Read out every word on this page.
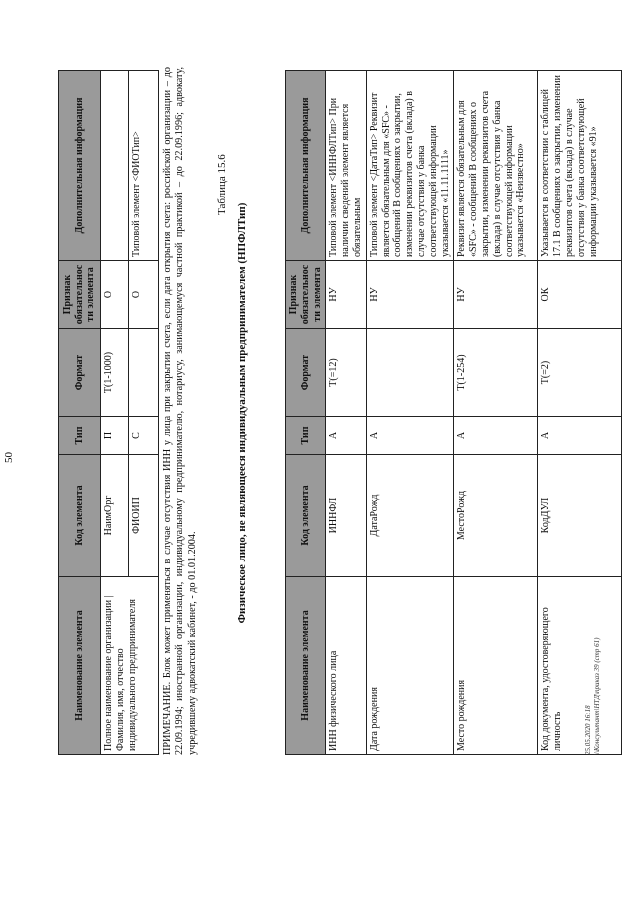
50
Наименование элемента	Код элемента	Тип	Формат	Признак обязательности элемента	Дополнительная информация
Полное наименование организации | Фамилия, имя, отчество индивидуального предпринимателя	НаимОрг	П	T(1-1000)	О	
	ФИОИП	С		О	Типовой элемент <ФИОТип> ПРИМЕЧАНИЕ. Блок может применяться в случае отсутствия ИНН у лица при закрытии счета, если дата открытия счета: российской организации – до 22.09.1994; иностранной организации, индивидуальному предпринимателю, нотариусу, занимающемуся частной практикой – до 22.09.1996; адвокату, учредившему адвокатский кабинет, - до 01.01.2004.
Таблица 15.6
Физическое лицо, не являющееся индивидуальным предпринимателем (НПФЛТип)
Наименование элемента	Код элемента	Тип	Формат	Признак обязательности элемента	Дополнительная информация
ИНН физического лица	ИННФЛ	А	T(=12)	НУ	Типовой элемент <ИННФЛТип> При наличии сведений элемент является обязательным
Дата рождения	ДатаРожд	А		НУ	Типовой элемент <ДатаТип> Реквизит является обязательным для «SFC» - сообщений В сообщениях о закрытии, изменении реквизитов счета (вклада) в случае отсутствия у банка соответствующей информации указывается «11.11.1111»
Место рождения	МестоРожд	А	T(1-254)	НУ	Реквизит является обязательным для «SFC» - сообщений В сообщениях о закрытии, изменении реквизитов счета (вклада) в случае отсутствия у банка соответствующей информации указывается «Неизвестно»
Код документа, удостоверяющего личность	КодДУЛ	А	T(=2)	ОК	Указывается в соответствии с таблицей 17.1 В сообщениях о закрытии, изменении реквизитов счета (вклада) в случае отсутствия у банка соответствующей информации указывается «91»
25.05.2020 16:18 \\Консультант\НТД\приказ 39 (стр 61)
